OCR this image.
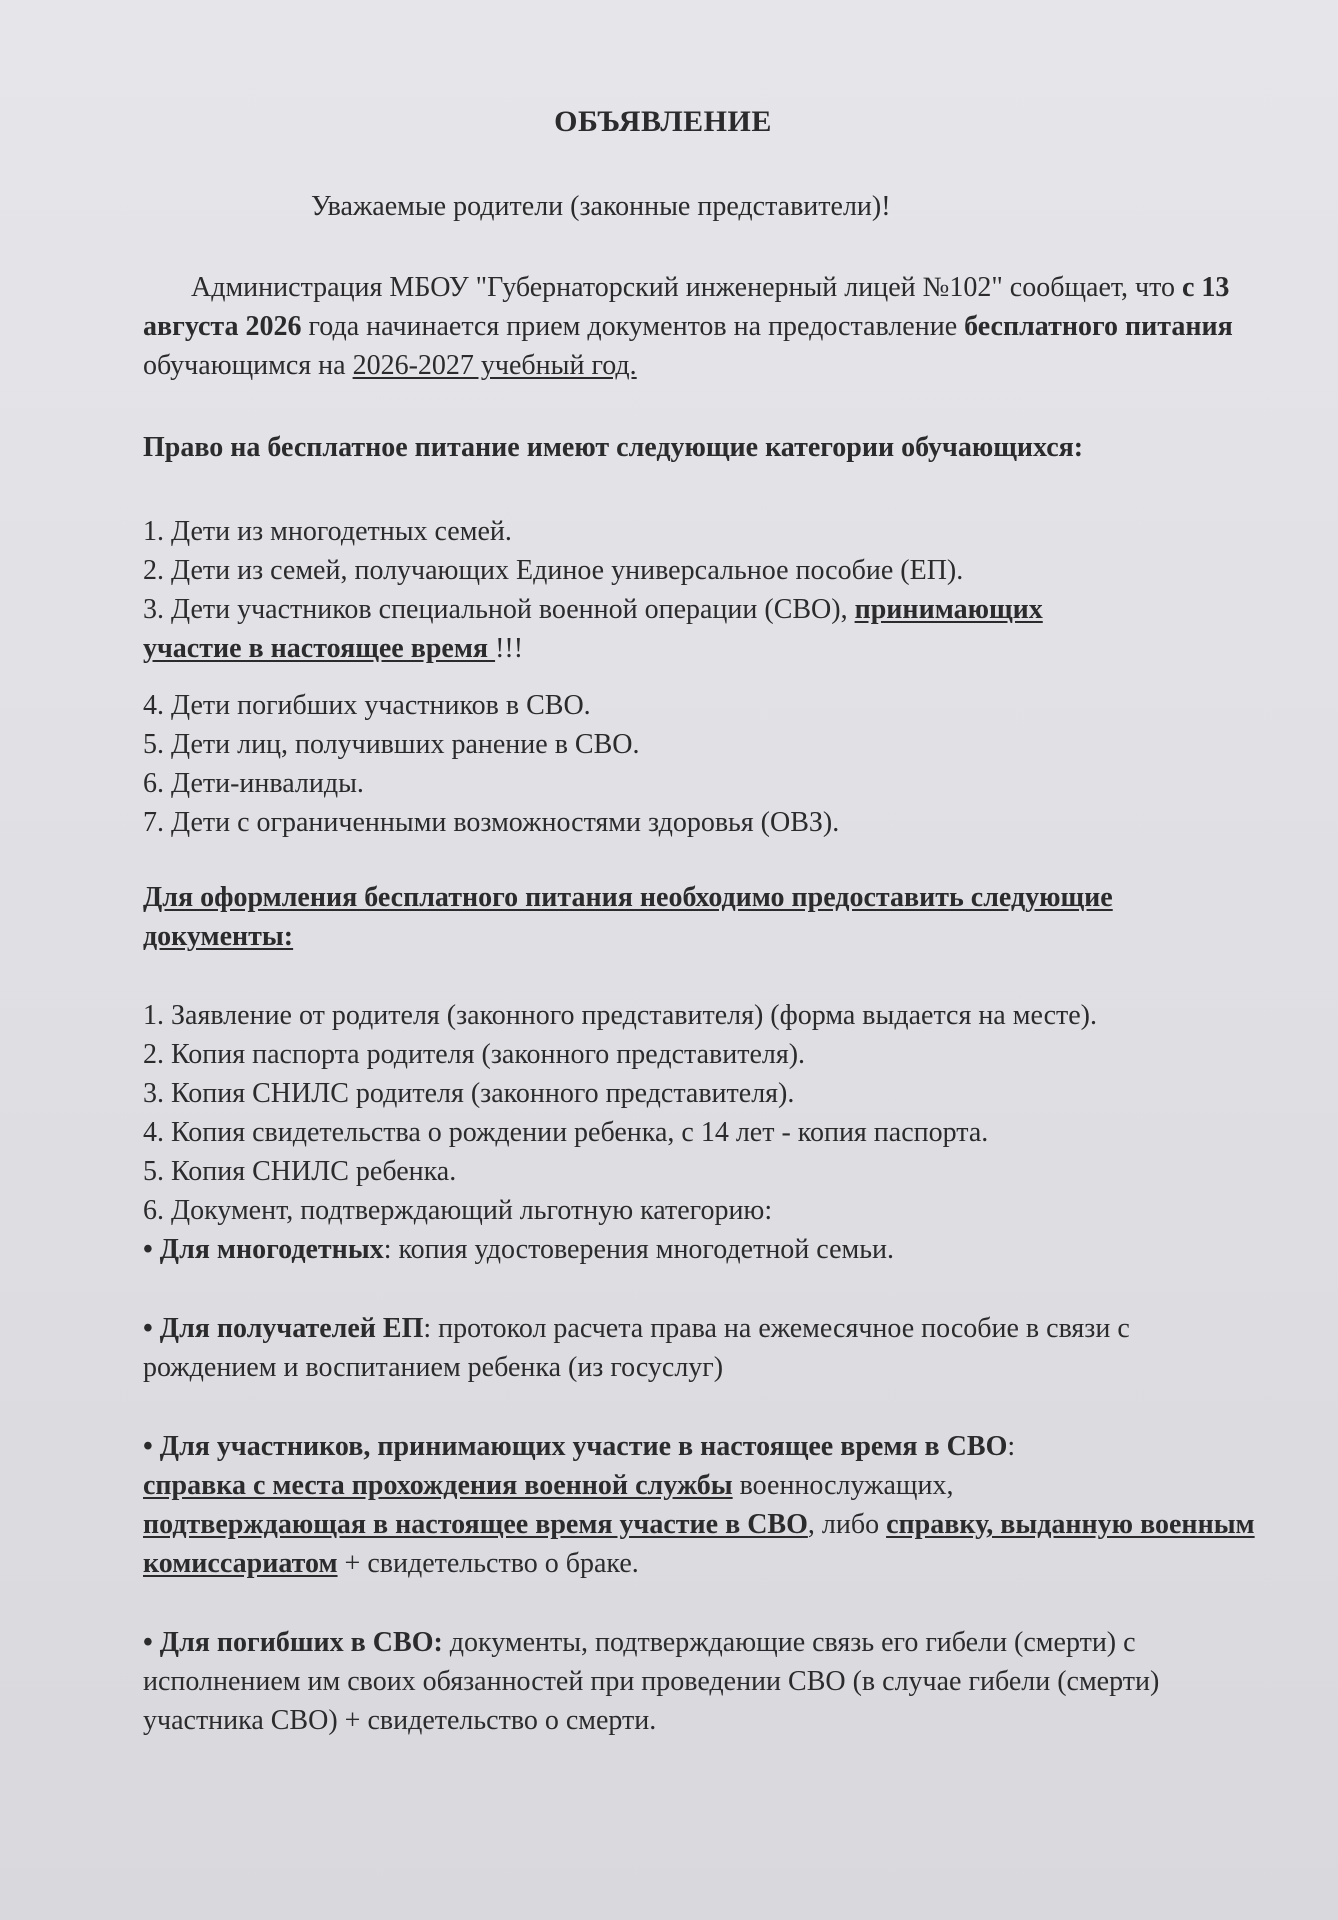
ОБЪЯВЛЕНИЕ
Уважаемые родители (законные представители)!
Администрация МБОУ "Губернаторский инженерный лицей №102" сообщает, что с 13 августа 2026 года начинается прием документов на предоставление бесплатного питания обучающимся на 2026-2027 учебный год.
Право на бесплатное питание имеют следующие категории обучающихся:
1. Дети из многодетных семей.
2. Дети из семей, получающих Единое универсальное пособие (ЕП).
3. Дети участников специальной военной операции (СВО), принимающих
участие в настоящее время !!!
4. Дети погибших участников в СВО.
5. Дети лиц, получивших ранение в СВО.
6. Дети-инвалиды.
7. Дети с ограниченными возможностями здоровья (ОВЗ).
Для оформления бесплатного питания необходимо предоставить следующие документы:
1. Заявление от родителя (законного представителя) (форма выдается на месте).
2. Копия паспорта родителя (законного представителя).
3. Копия СНИЛС родителя (законного представителя).
4. Копия свидетельства о рождении ребенка, с 14 лет - копия паспорта.
5. Копия СНИЛС ребенка.
6. Документ, подтверждающий льготную категорию:
• Для многодетных: копия удостоверения многодетной семьи.
• Для получателей ЕП: протокол расчета права на ежемесячное пособие в связи с рождением и воспитанием ребенка (из госуслуг)
• Для участников, принимающих участие в настоящее время в СВО:
справка с места прохождения военной службы военнослужащих,
подтверждающая в настоящее время участие в СВО, либо справку, выданную военным комиссариатом + свидетельство о браке.
• Для погибших в СВО: документы, подтверждающие связь его гибели (смерти) с исполнением им своих обязанностей при проведении СВО (в случае гибели (смерти) участника СВО) + свидетельство о смерти.
